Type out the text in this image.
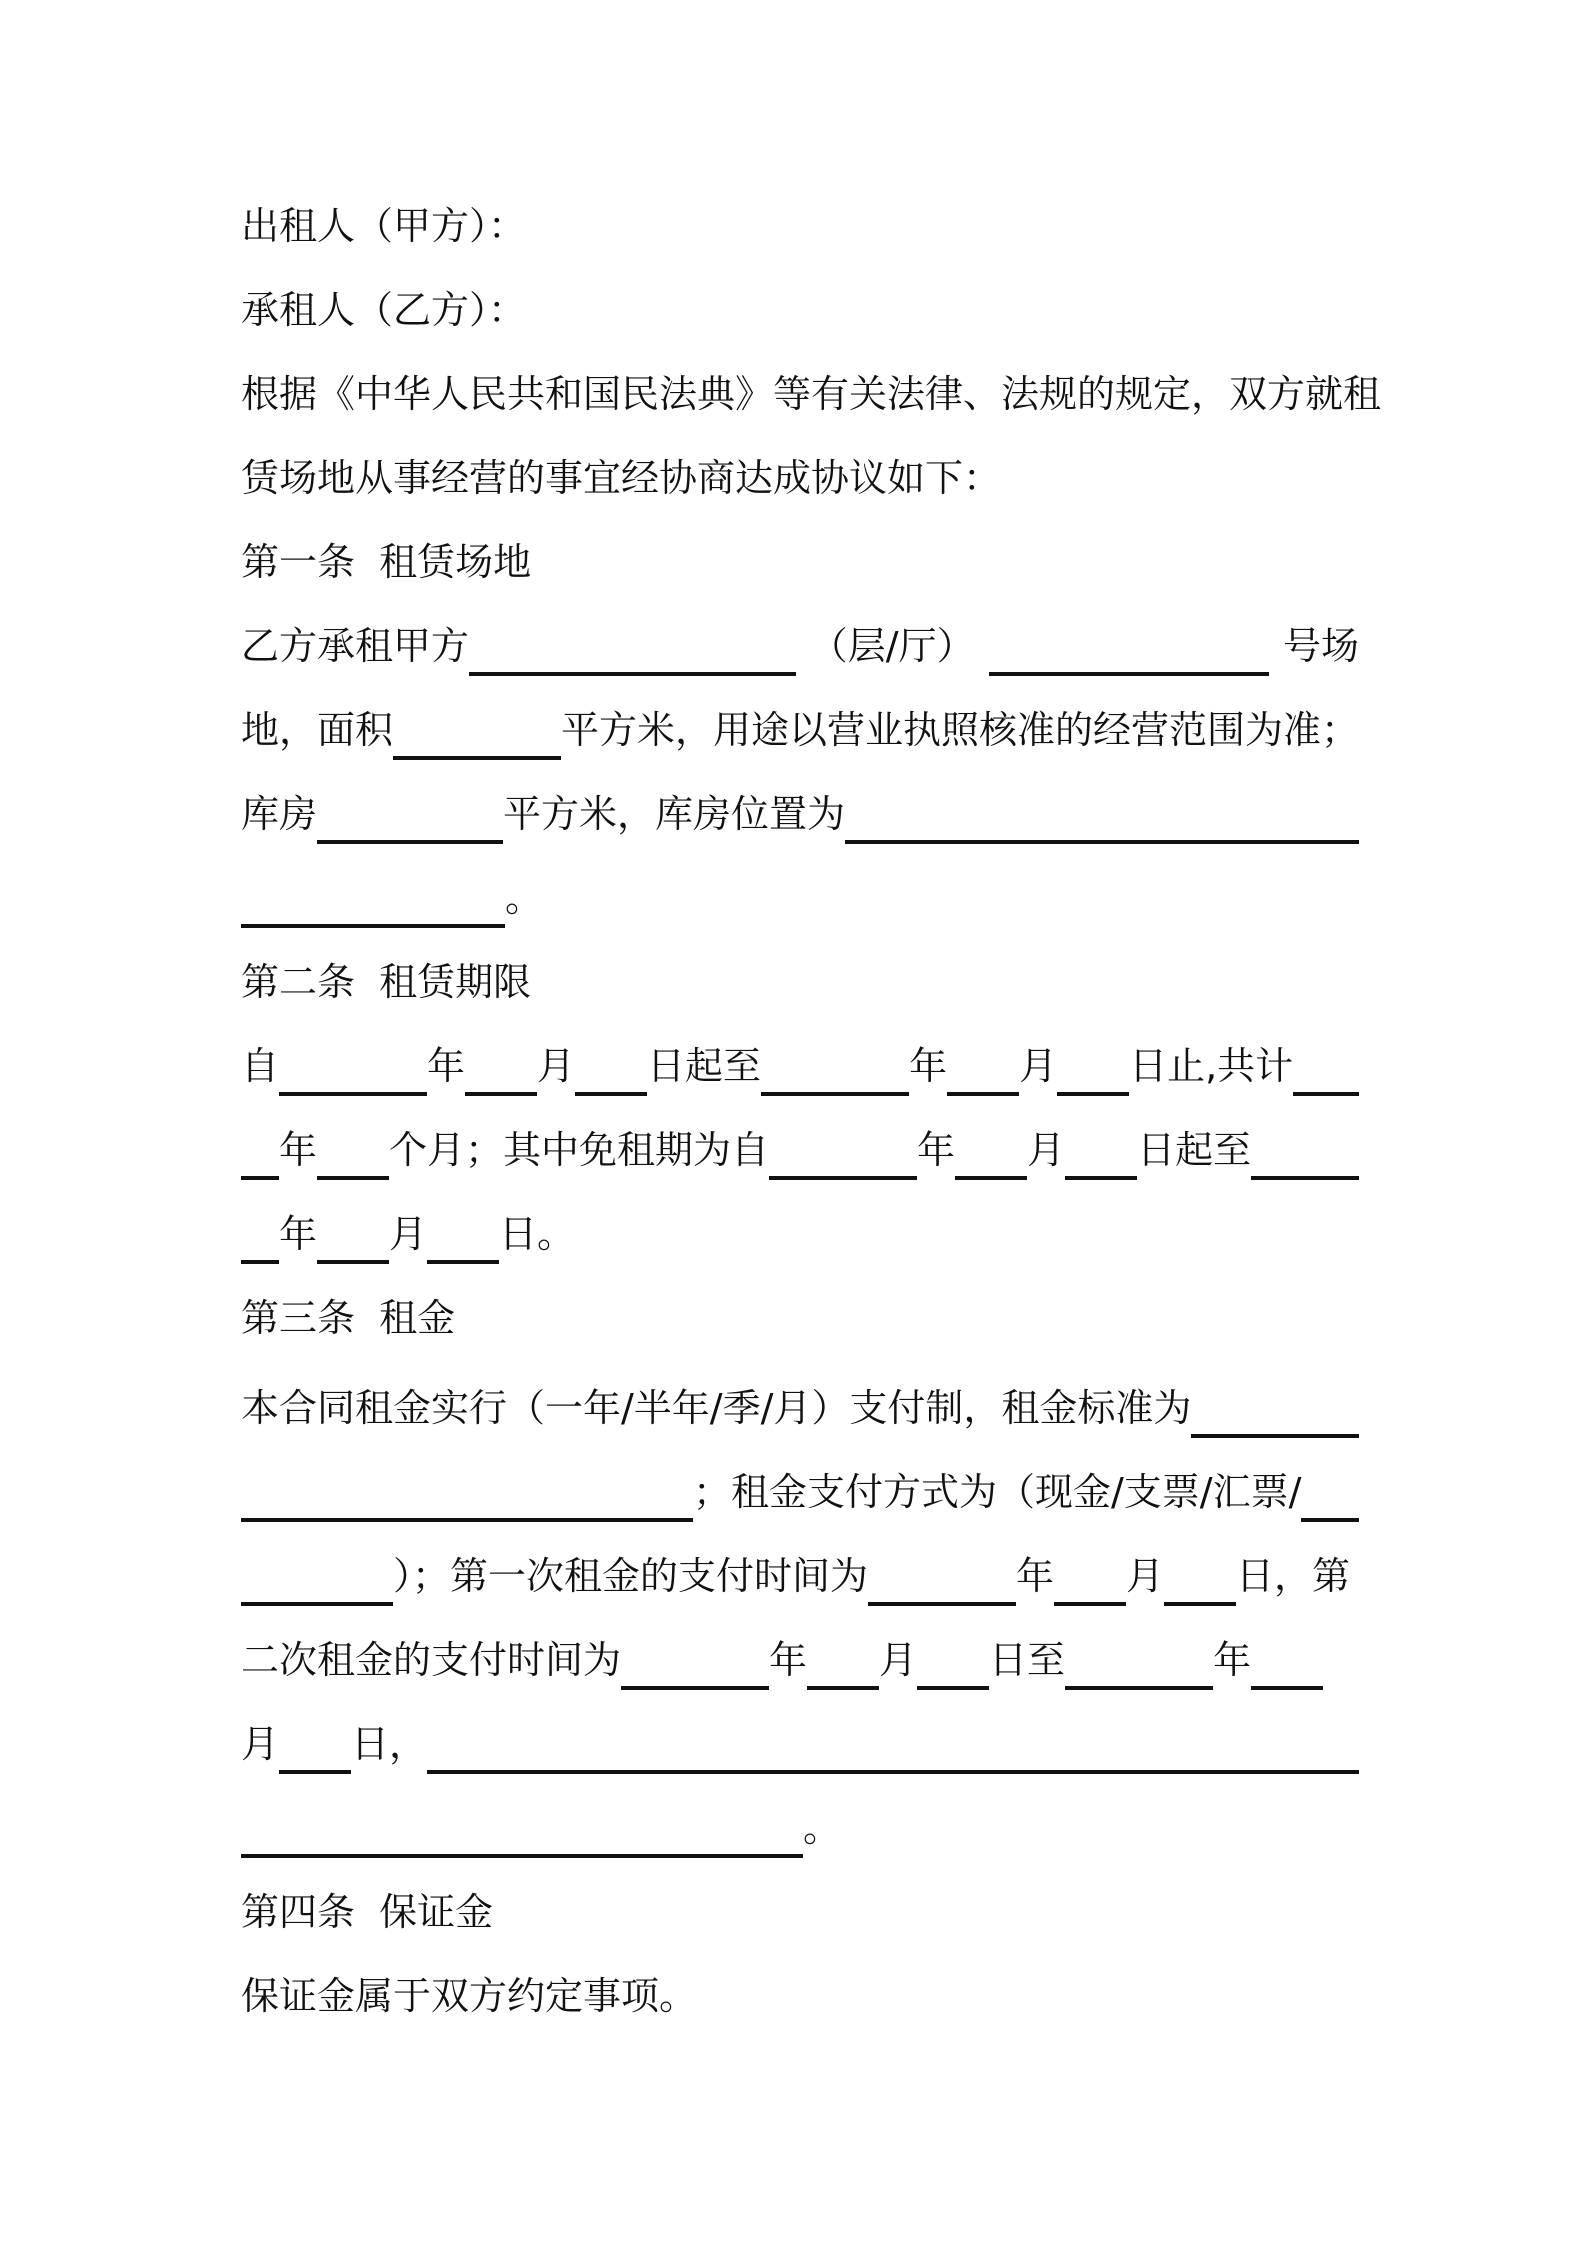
出租人（甲方）：
承租人（乙方）：
根据《中华人民共和国民法典》等有关法律、法规的规定，双方就租
赁场地从事经营的事宜经协商达成协议如下：
第一条  租赁场地
乙方承租甲方	（层/厅）	号场
地，面积	平方米，用途以营业执照核准的经营范围为准；
库房	平方米，库房位置为
。
第二条  租赁期限
自	年 月 日起至	年 月 日止,共计
年 个月；其中免租期为自	年 月 日起至
年 月 日。
第三条  租金
本合同租金实行（一年/半年/季/月）支付制，租金标准为
；租金支付方式为（现金/支票/汇票/
）；第一次租金的支付时间为	年 月 日，第
二次租金的支付时间为	年 月 日至	年
月 日，
。
第四条  保证金
保证金属于双方约定事项。
